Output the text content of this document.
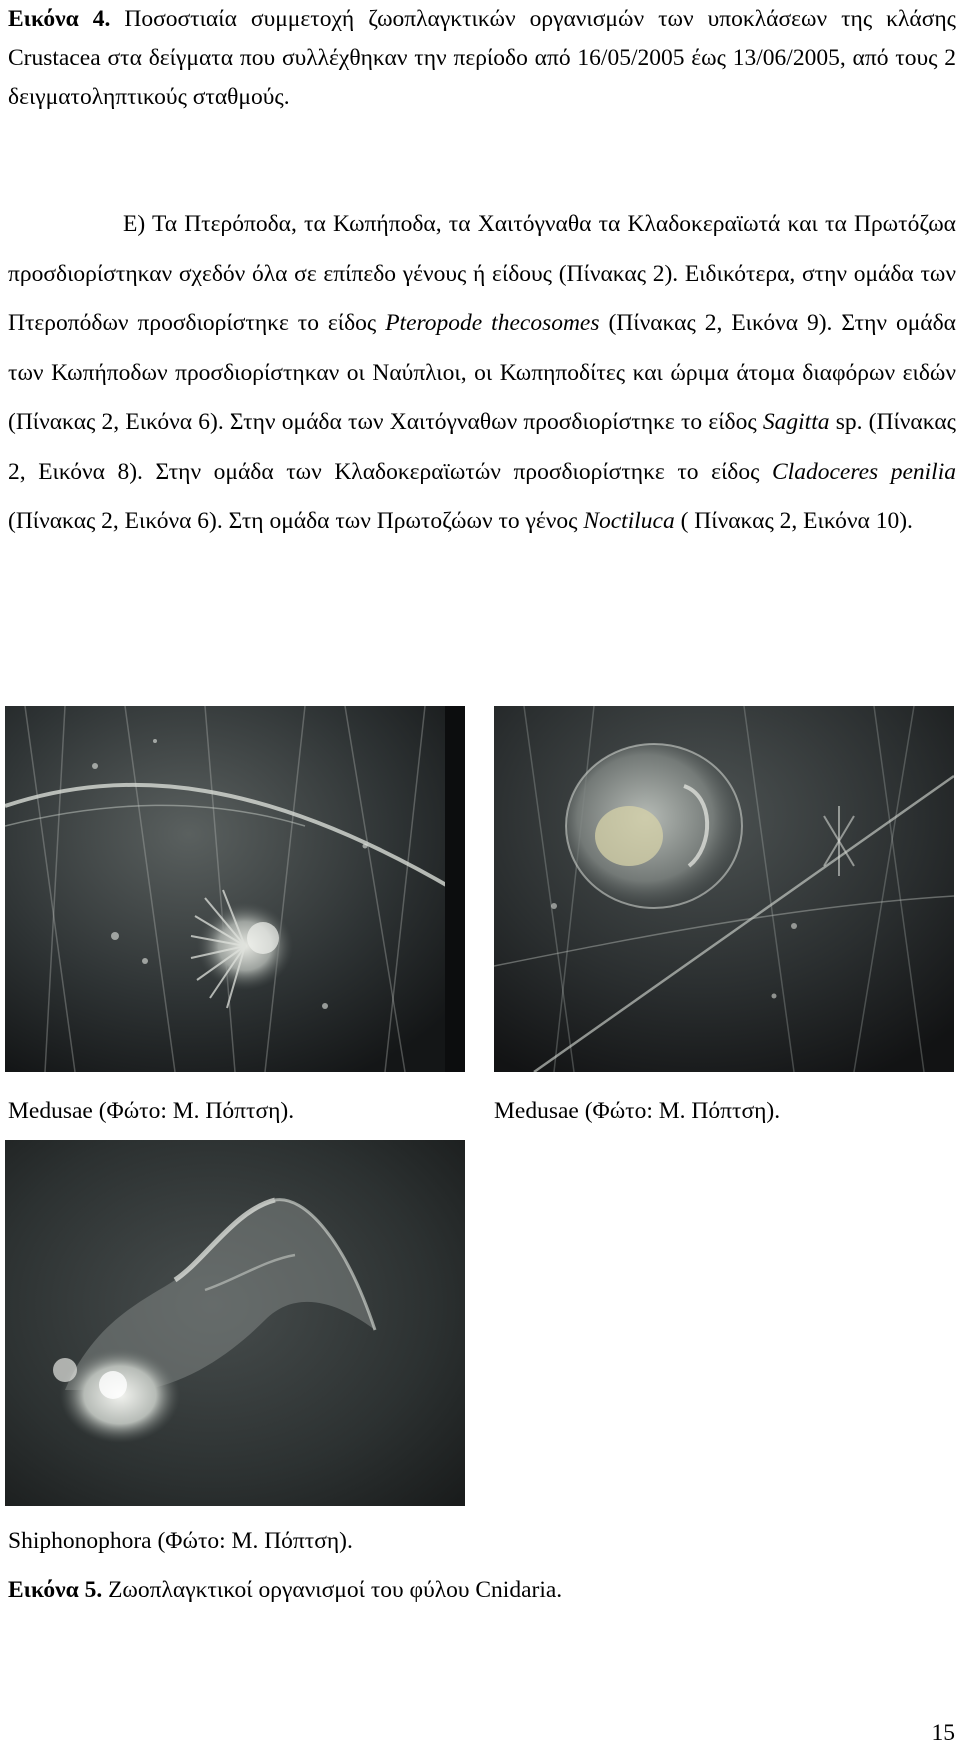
Εικόνα 4. Ποσοστιαία συμμετοχή ζωοπλαγκτικών οργανισμών των υποκλάσεων της κλάσης Crustacea στα δείγματα που συλλέχθηκαν την περίοδο από 16/05/2005 έως 13/06/2005, από τους 2 δειγματοληπτικούς σταθμούς.

Ε) Τα Πτερόποδα, τα Κωπήποδα, τα Χαιτόγναθα τα Κλαδοκεραϊωτά και τα Πρωτόζωα προσδιορίστηκαν σχεδόν όλα σε επίπεδο γένους ή είδους (Πίνακας 2). Ειδικότερα, στην ομάδα των Πτεροπόδων προσδιορίστηκε το είδος Pteropode thecosomes (Πίνακας 2, Εικόνα 9). Στην ομάδα των Κωπήποδων προσδιορίστηκαν οι Ναύπλιοι, οι Κωπηποδίτες και ώριμα άτομα διαφόρων ειδών (Πίνακας 2, Εικόνα 6). Στην ομάδα των Χαιτόγναθων προσδιορίστηκε το είδος Sagitta sp. (Πίνακας 2, Εικόνα 8). Στην ομάδα των Κλαδοκεραϊωτών προσδιορίστηκε το είδος Cladoceres penilia (Πίνακας 2, Εικόνα 6). Στη ομάδα των Πρωτοζώων το γένος Noctiluca ( Πίνακας 2, Εικόνα 10).

Medusae (Φώτο: Μ. Πόπτση).	Medusae (Φώτο: Μ. Πόπτση).
Shiphonophora (Φώτο: Μ. Πόπτση).
Εικόνα 5. Ζωοπλαγκτικοί οργανισμοί του φύλου Cnidaria.
15
